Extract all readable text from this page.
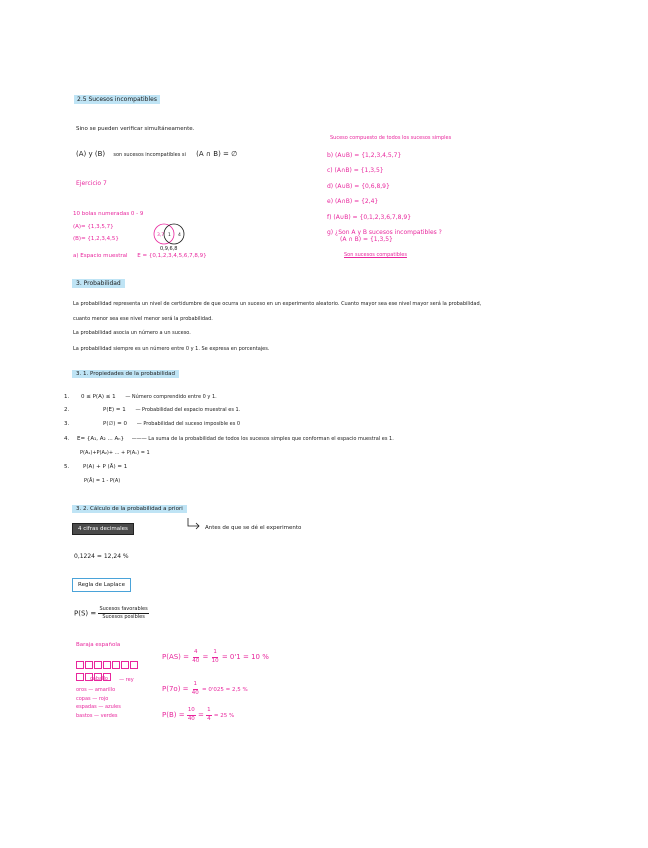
2.5 Sucesos incompatibles
Sino se pueden verificar simultáneamente.
(A) y (B) son sucesos incompatibles si (A ∩ B) = ∅
Ejercicio 7
10 bolas numeradas 0 - 9
(A)= {1,3,5,7}
(B)= {1,2,3,4,5}
a) Espacio muestral E = {0,1,2,3,4,5,6,7,8,9}
3,7 1 4
0,9,6,8
Suceso compuesto de todos los sucesos simples
b) (A∪B) = {1,2,3,4,5,7}
c) (A∩B) = {1,3,5}
d) (A∪B) = {0,6,8,9}
e) (A∩B) = {2,4}
f) (A∪B) = {0,1,2,3,6,7,8,9}
g) ¿Son A y B sucesos incompatibles ?
(A ∩ B) = {1,3,5}
Son sucesos compatibles
3. Probabilidad
La probabilidad representa un nivel de certidumbre de que ocurra un suceso en un experimento aleatorio. Cuanto mayor sea ese nivel mayor será la probabilidad,
cuanto menor sea ese nivel menor será la probabilidad.
La probabilidad asocia un número a un suceso.
La probabilidad siempre es un número entre 0 y 1. Se expresa en porcentajes.
3. 1. Propiedades de la probabilidad
1. 0 ≤ P(A) ≤ 1 — Número comprendido entre 0 y 1.
2.	P(E) = 1 — Probabilidad del espacio muestral es 1.
3.	P(∅) = 0 — Probabilidad del suceso imposible es 0
4. E= {A₁, A₂ ... Aₙ} ——— La suma de la probabilidad de todos los sucesos simples que conforman el espacio muestral es 1.
P(A₁)+P(A₂)+ ... + P(Aₙ) = 1
5.	P(A) + P (Ā) = 1
P(Ā) = 1 - P(A)
3. 2. Cálculo de la probabilidad a priori
4 cifras decimales	Antes de que se dé el experimento
0,1224 = 12,24 %
Regla de Laplace
$P(S) = \frac{\text{Sucesos favorables}}{\text{Sucesos posibles}}$
Baraja española
— rey
caballo
oros — amarillo
copas — rojo
espadas — azules
bastos — verdes
$P(AS) = \frac{4}{40} = \frac{1}{10} = 0'1 = 10$ %
$P(7o) = \frac{1}{40} = 0'025 = 2,5$ %
$P(B) = \frac{10}{40} = \frac{1}{4} = 25$ %
